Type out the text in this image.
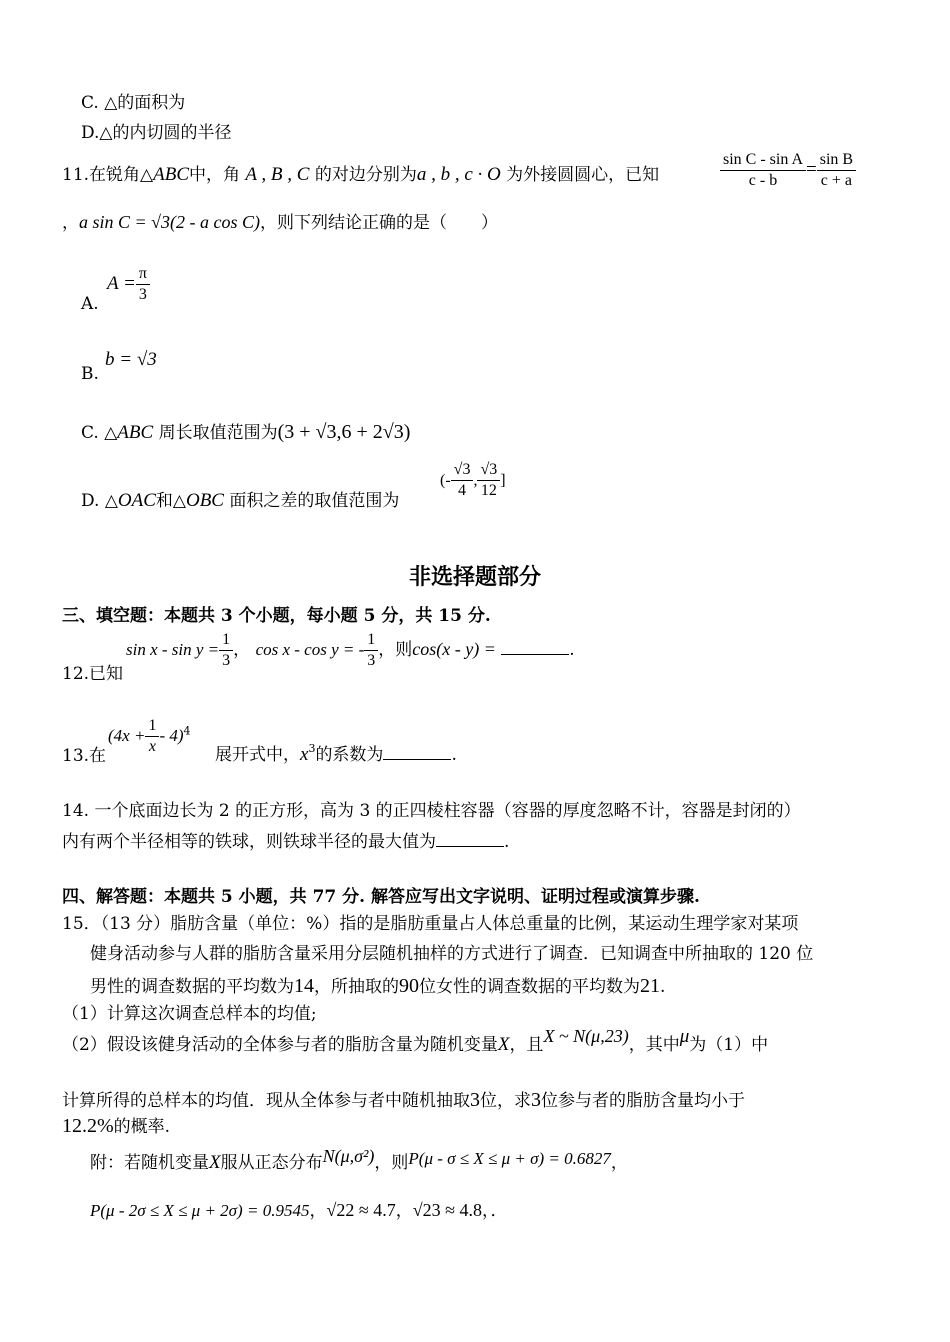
C. △的面积为
D.△的内切圆的半径
11.在锐角△ABC中，角 A , B , C 的对边分别为a , b , c · O 为外接圆圆心，已知	$\frac{\text{sin C - sin A}}{c - b} = \frac{\text{sin B}}{c + a}$
，a sin C = √3(2 - a cos C)，则下列结论正确的是（　　）
A.
$A = \frac{\pi}{3}$
B.
b = √3
C. △ABC 周长取值范围为(3 + √3,6 + 2√3)
D. △OAC和△OBC 面积之差的取值范围为
(- $\frac{√3}{4}$ , $\frac{√3}{12}$ ]
非选择题部分
三、填空题：本题共 3 个小题，每小题 5 分，共 15 分.
12.已知
$\sin x - \sin y = \frac{1}{3}$ ， cos x - cos y = - $\frac{1}{3}$ ，则cos(x - y) =	.
13.在
$(4x + \frac{1}{x} - 4)^4$
展开式中，$x^3$的系数为	.
14. 一个底面边长为 2 的正方形，高为 3 的正四棱柱容器（容器的厚度忽略不计，容器是封闭的）
内有两个半径相等的铁球，则铁球半径的最大值为	.
四、解答题：本题共 5 小题，共 77 分. 解答应写出文字说明、证明过程或演算步骤.
15．（13 分）脂肪含量（单位：%）指的是脂肪重量占人体总重量的比例，某运动生理学家对某项
健身活动参与人群的脂肪含量采用分层随机抽样的方式进行了调查．已知调查中所抽取的 120 位
男性的调查数据的平均数为14，所抽取的90位女性的调查数据的平均数为21.
（1）计算这次调查总样本的均值;
（2）假设该健身活动的全体参与者的脂肪含量为随机变量X，且X ~ N(μ,23)，其中μ为（1）中
计算所得的总样本的均值．现从全体参与者中随机抽取3位，求3位参与者的脂肪含量均小于
12.2%的概率.
附：若随机变量X服从正态分布N(μ,σ²)，则P(μ - σ ≤ X ≤ μ + σ) = 0.6827，
P(μ - 2σ ≤ X ≤ μ + 2σ) = 0.9545，√22 ≈ 4.7，√23 ≈ 4.8，．
